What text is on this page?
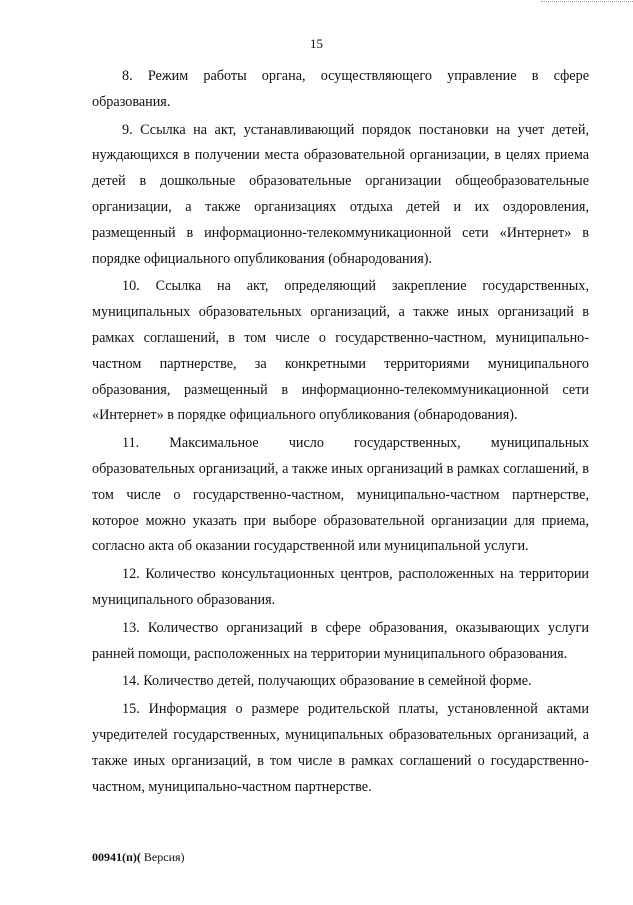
15

8. Режим работы органа, осуществляющего управление в сфере образования.

9. Ссылка на акт, устанавливающий порядок постановки на учет детей, нуждающихся в получении места образовательной организации, в целях приема детей в дошкольные образовательные организации общеобразовательные организации, а также организациях отдыха детей и их оздоровления, размещенный в информационно-телекоммуникационной сети «Интернет» в порядке официального опубликования (обнародования).

10. Ссылка на акт, определяющий закрепление государственных, муниципальных образовательных организаций, а также иных организаций в рамках соглашений, в том числе о государственно-частном, муниципально-частном партнерстве, за конкретными территориями муниципального образования, размещенный в информационно-телекоммуникационной сети «Интернет» в порядке официального опубликования (обнародования).

11. Максимальное число государственных, муниципальных образовательных организаций, а также иных организаций в рамках соглашений, в том числе о государственно-частном, муниципально-частном партнерстве, которое можно указать при выборе образовательной организации для приема, согласно акта об оказании государственной или муниципальной услуги.

12. Количество консультационных центров, расположенных на территории муниципального образования.

13. Количество организаций в сфере образования, оказывающих услуги ранней помощи, расположенных на территории муниципального образования.

14. Количество детей, получающих образование в семейной форме.

15. Информация о размере родительской платы, установленной актами учредителей государственных, муниципальных образовательных организаций, а также иных организаций, в том числе в рамках соглашений о государственно-частном, муниципально-частном партнерстве.

00941(п)( Версия)
